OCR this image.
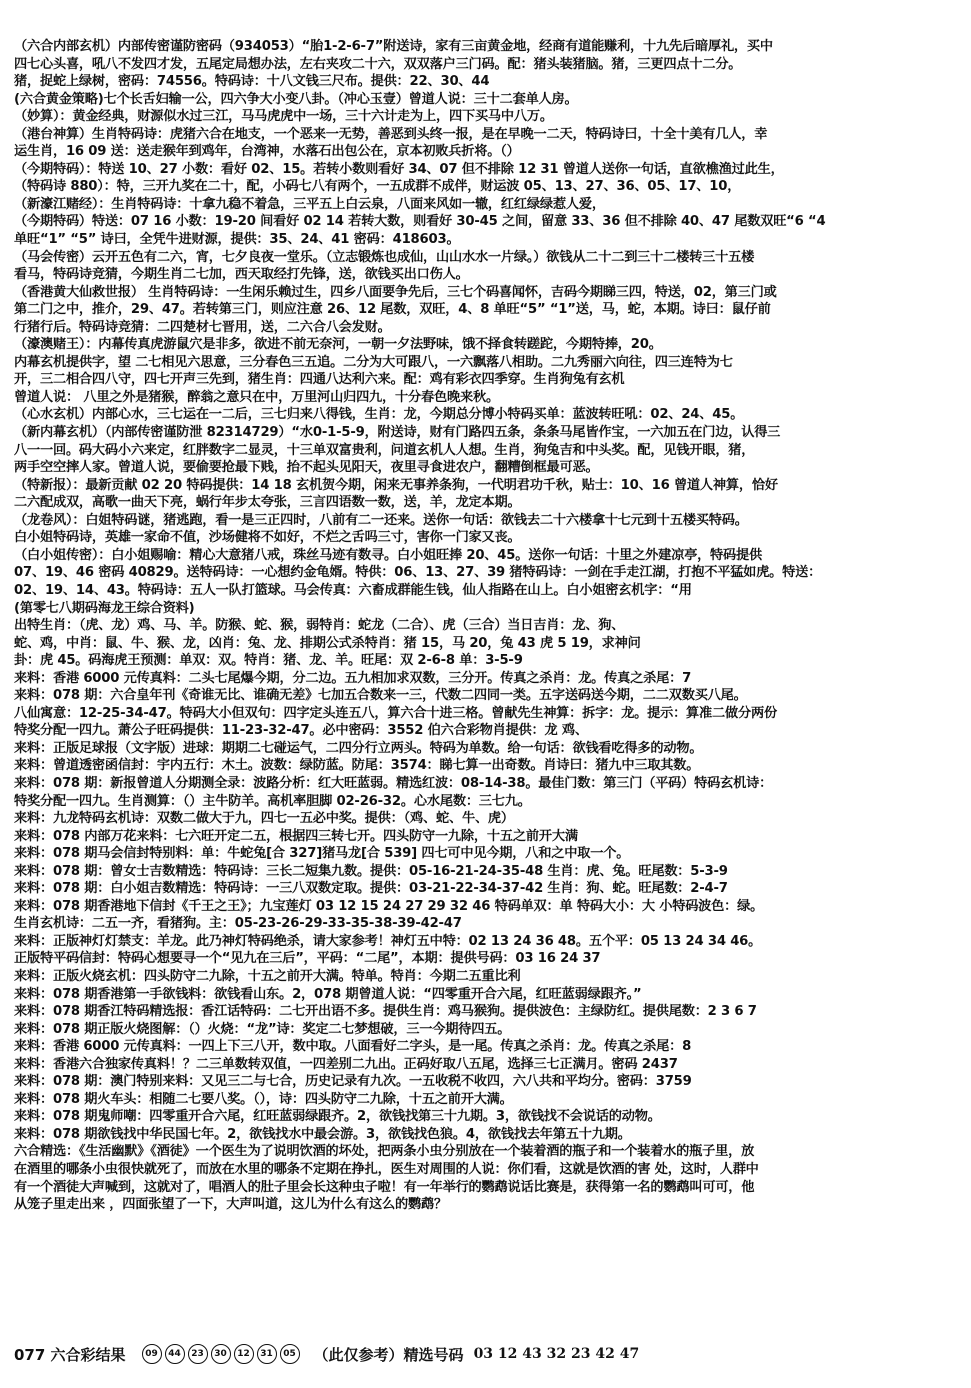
（六合内部玄机）内部传密谨防密码（934053）“胎1-2-6-7”附送诗，家有三亩黄金地，经商有道能赚利，十九先后暗厚礼，买中
四七心头喜，吼八不发四才发，五尾定局想办法，左右夹攻二十六，双双落户三门码。配：猪头装猪脑。猪，三更四点十二分。
猪，捉蛇上绿树，密码：74556。特码诗：十八文钱三尺布。提供：22、30、44
(六合黄金策略)七个长舌妇输一公，四六争大小变八卦。（冲心玉壹）曾道人说：三十二套单人房。
（妙算）：黄金经典，财源似水过三江，马马虎虎中一场，三十六计走为上，四下买马中八万。
（港台神算）生肖特码诗：虎猪六合在地支，一个恶来一无势，善恶到头终一报，是在早晚一二天，特码诗曰，十全十美有几人，幸
运生肖，16 09 送：送走猴年到鸡年，台湾神，水落石出包公在，京本初败兵折将。（）
（今期特码）：特送 10、27 小数：看好 02、15。若转小数则看好 34、07 但不排除 12 31 曾道人送你一句话，直欲樵渔过此生，
（特码诗 880）：特，三开九奖在二十，配，小码七八有两个，一五成群不成伴，财运波 05、13、27、36、05、17、10，
（新濠江赌经）：生肖特码诗：十拿九稳不着急，三平五上白云泉，八面来风如一辙，红红绿绿惹人爱，
（今期特码）特送：07 16 小数：19-20 间看好 02 14 若转大数，则看好 30-45 之间，留意 33、36 但不排除 40、47 尾数双旺“6 “4
单旺“1” “5” 诗曰，全凭牛进财源，提供：35、24、41 密码：418603。
（马会传密）云开五色有二六，宵，七夕良夜一堂乐。（立志锻炼也成仙，山山水水一片绿。）欲钱从二十二到三十二楼转三十五楼
看马，特码诗竞猜，今期生肖二七加，西天取经打先锋，送，欲钱买出口伤人。
（香港黄大仙救世报） 生肖特码诗：一生闲乐赖过生，四乡八面要争先后，三七个码喜闻怀，吉码今期睇三四，特送，02，第三门或
第二门之中，推介，29、47。若转第三门，则应注意 26、12 尾数，双旺，4、8 单旺“5” “1”送，马，蛇，本期。诗曰：鼠仔前
行猪行后。特码诗竞猜：二四楚材七晋用，送，二六合八会发财。
（濠澳赌王）：内幕传真虎游鼠穴是非多，欲进不前无奈河，一朝一夕法野味，饿不择食转蹉跎，今期特捧，20。
内幕玄机提供字，望 二七相见六思意，三分春色三五追。二分为大可跟八，一六飘落八相助。二九秀丽六向往，四三连特为七
开，三二相合四八守，四七开声三先到，猪生肖：四通八达利六来。配：鸡有彩衣四季穿。生肖狗兔有玄机
曾道人说： 八里之外是猪猴，醉翁之意只在中，万里河山归四九，十分春色晚来秋。
（心水玄机）内部心水，三七运在一二后，三七归来八得钱，生肖：龙，今期总分博小特码买单：蓝波转旺吼：02、24、45。
（新内幕玄机）（内部传密谨防泄 82314729）“水0-1-5-9，附送诗，财有门路四五条，条条马尾皆作宝，一六加五在门边，认得三
八一一回。码大码小六来定，红胖数字二显灵，十三单双富贵利，问道玄机人人想。生肖，狗兔吉和中头奖。配，见钱开眼，猪，
两手空空摔人家。曾道人说，要偷要抢最下贱，抬不起头见阳天，夜里寻食进农户，翻糟倒框最可恶。
（特新报）：最新贡献 02 20 特码提供：14 18 玄机贺今期，闲来无事养条狗，一代明君功千秋，贴士：10、16 曾道人神算，恰好
二六配成双，高歌一曲天下亮，蜗行年步太夸张，三言四语数一数，送，羊，龙定本期。
（龙卷风）：白姐特码谜，猪逃跑，看一是三正四时，八前有二一还来。送你一句话：欲钱去二十六楼拿十七元到十五楼买特码。
白小姐特码诗，英雄一家命不值，沙场健将不如好，不烂之舌吗三寸，害你一门家又丧。
（白小姐传密）：白小姐赐喻：精心大意猪八戒，珠丝马迹有数寻。白小姐旺捧 20、45。送你一句话：十里之外建凉亭，特码提供
07、19、46 密码 40829。送特码诗：一心想约金龟婿。特供：06、13、27、39 猪特码诗：一剑在手走江湖，打抱不平猛如虎。特送：
02、19、14、43。特码诗：五人一队打篮球。马会传真：六畜成群能生钱，仙人指路在山上。白小姐密玄机字：“用
(第零七八期码海龙王综合资料)
出特生肖：（虎、龙）鸡、马、羊。防猴、蛇、猴，弱特肖：蛇龙（二合）、虎（三合）当日吉肖：龙、狗、
蛇、鸡，中肖：鼠、牛、猴、龙，凶肖：兔、龙、排期公式杀特肖：猪 15，马 20，兔 43 虎 5 19，求神问
卦：虎 45。码海虎王预测：单双：双。特肖：猪、龙、羊。旺尾：双 2-6-8 单：3-5-9
来料：香港 6000 元传真料：二头七尾爆今期，分二边。五九相加求双数，三分开。传真之杀肖：龙。传真之杀尾：7
来料：078 期：六合皇年刊《奇谁无比、谁确无差》七加五合数来一三，代数二四同一类。五字送码送今期，二二双数买八尾。
八仙寓意：12-25-34-47。特码大小但双句：四字定头连五八，算六合十进三格。曾献先生神算：拆字：龙。提示：算准二做分两份
特奖分配一四九。萧公子旺码提供：11-23-32-47。必中密码：3552 伯六合彩物肖提供：龙 鸡、
来料：正版足球报（文字版）进球：期期二七碰运气，二四分行立两头。特码为单数。给一句话：欲钱看吃得多的动物。
来料：曾道透密函信封：宇内五行：木土。波数：绿防蓝。防尾：3574：睇七算一出奇数。肖诗曰：猪九中三取其数。
来料：078 期：新报曾道人分期测全录：波路分析：红大旺蓝弱。精选红波：08-14-38。最佳门数：第三门（平码）特码玄机诗：
特奖分配一四九。生肖测算：（）主牛防羊。高机率胆脚 02-26-32。心水尾数：三七九。
来料：九龙特码玄机诗：双数二做大于九，四七一五必中奖。提供：（鸡、蛇、牛、虎）
来料：078 内部万花来料：七六旺开定二五，根据四三转七开。四头防守一九除，十五之前开大满
来料：078 期马会信封特别料：单：牛蛇兔[合 327]猪马龙[合 539] 四七可中见今期，八和之中取一个。
来料：078 期：曾女士吉数精选：特码诗：三长二短集九数。提供：05-16-21-24-35-48 生肖：虎、兔。旺尾数：5-3-9
来料：078 期：白小姐吉数精选：特码诗：一三八双数定取。提供：03-21-22-34-37-42 生肖：狗、蛇。旺尾数：2-4-7
来料：078 期香港地下信封《千王之王》；九宝莲灯 03 12 15 24 27 29 32 46 特码单双：单 特码大小：大 小特码波色：绿。
生肖玄机诗：二五一齐，看猪狗。主：05-23-26-29-33-35-38-39-42-47
来料：正版神灯灯禁支：羊龙。此乃神灯特码绝杀，请大家参考！神灯五中特：02 13 24 36 48。五个平：05 13 24 34 46。
正版特平码信封：特码心想要寻一个“见九在三后”，平码：“二尾”，本期：提供号码：03 16 24 37
来料：正版火烧玄机：四头防守二九除，十五之前开大满。特单。特肖：今期二五重比利
来料：078 期香港第一手欲钱料：欲钱看山东。2，078 期曾道人说：“四零重开合六尾，红旺蓝弱绿跟齐。”
来料：078 期香江特码精选报：香江话特码：二七开出语不多。提供生肖：鸡马猴狗。提供波色：主绿防红。提供尾数：2 3 6 7
来料：078 期正版火烧图解：（）火烧：“龙”诗：奖定二七梦想破，三一今期待四五。
来料：香港 6000 元传真料：一四上下三八开，数中取。八面看好二字头，是一尾。传真之杀肖：龙。传真之杀尾：8
来料：香港六合独家传真料！？二三单数转双值，一四差别二九出。正码好取八五尾，选择三七正满月。密码 2437
来料：078 期：澳门特别来料：又见三二与七合，历史记录有九次。一五收税不收四，六八共和平均分。密码：3759
来料：078 期火车头：相随二七要八奖。（），诗：四头防守二九除，十五之前开大满。
来料：078 期鬼师嘲：四零重开合六尾，红旺蓝弱绿跟齐。2，欲钱找第三十九期。3，欲钱找不会说话的动物。
来料：078 期欲钱找中华民国七年。2，欲钱找水中最会游。3，欲钱找色狼。4，欲钱找去年第五十九期。
六合精选：《生活幽默》《酒徒》一个医生为了说明饮酒的坏处，把两条小虫分别放在一个装着酒的瓶子和一个装着水的瓶子里，放
在酒里的哪条小虫很快就死了，而放在水里的哪条不定期在挣扎，医生对周围的人说：你们看，这就是饮酒的害 处，这时，人群中
有一个酒徒大声喊到，这就对了，唱酒人的肚子里会长这种虫子啦！有一年举行的鹦鹉说话比赛是，获得第一名的鹦鹉叫可可，他
从笼子里走出来 ，四面张望了一下，大声叫道，这儿为什么有这么的鹦鹉？
077 六合彩结果	09	44	23	30	12	31	05 （此仅参考）精选号码 03 12 43 32 23 42 47
